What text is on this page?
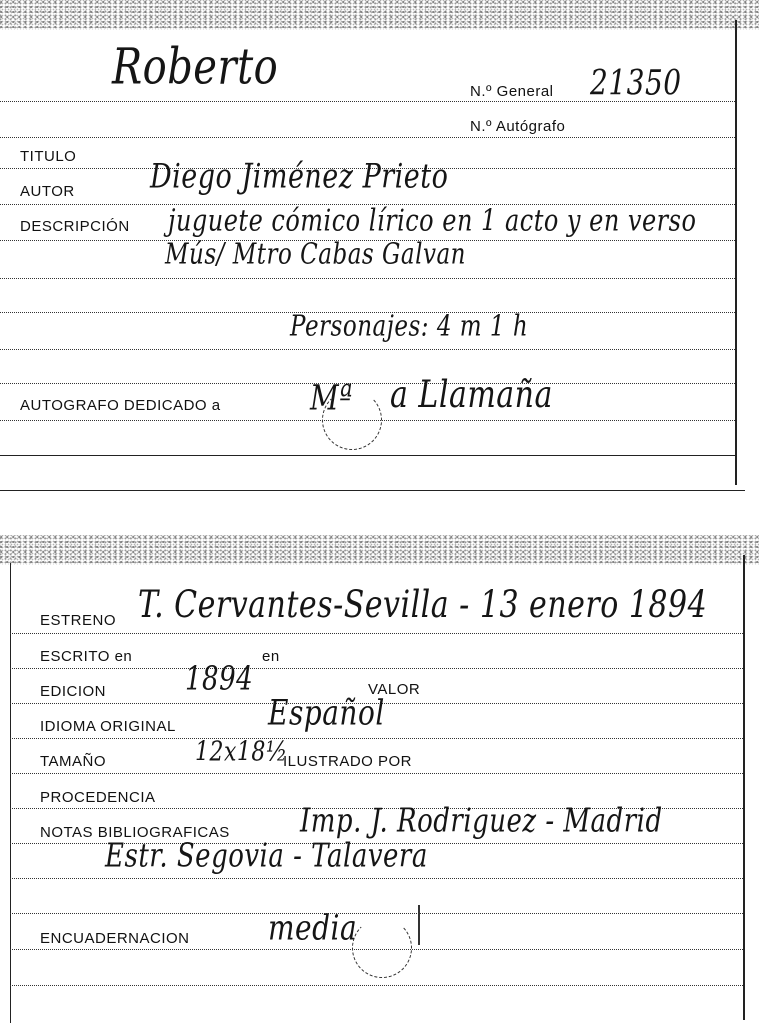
Roberto	N.º General 21350
N.º Autógrafo
TITULO
AUTOR	Diego Jiménez Prieto
DESCRIPCIÓN juguete cómico lírico en 1 acto y en verso
Mús/ Mtro Cabas Galvan
Personajes: 4 m 1 h
AUTOGRAFO DEDICADO a	Mª a Llamaña
ESTRENO T. Cervantes-Sevilla - 13 enero 1894
ESCRITO en	en
EDICION	1894	VALOR
IDIOMA ORIGINAL	Español
TAMAÑO	12x18½
ILUSTRADO POR
PROCEDENCIA
NOTAS BIBLIOGRAFICAS	Imp. J. Rodriguez - Madrid
Estr. Segovia - Talavera
ENCUADERNACION	media
